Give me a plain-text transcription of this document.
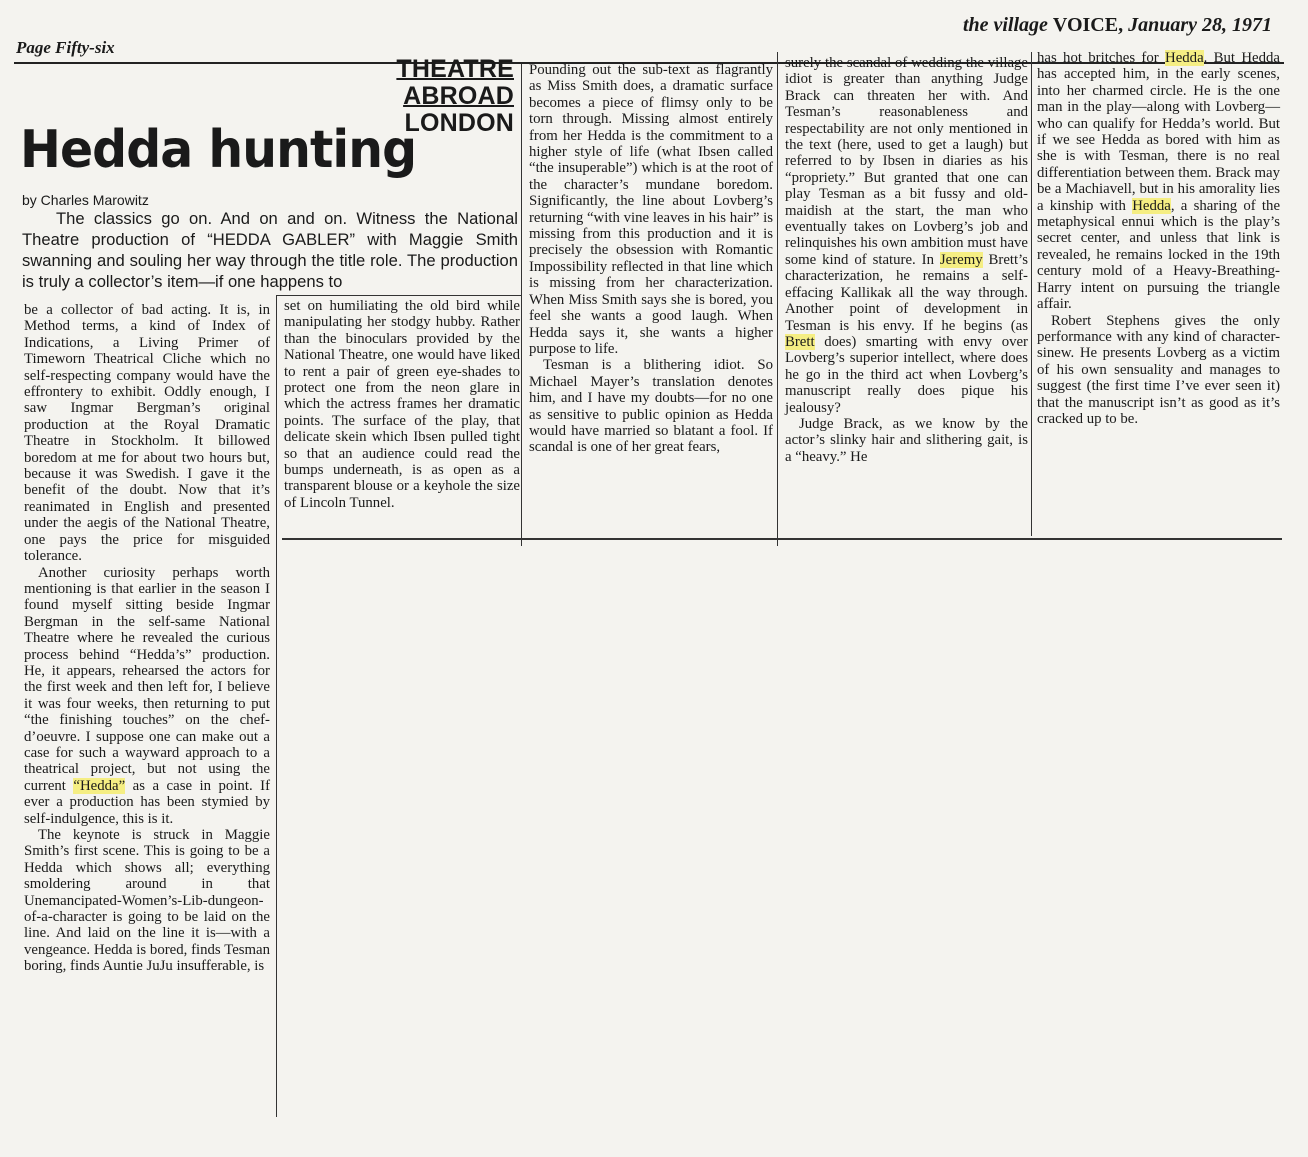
Page Fifty-six
the village VOICE, January 28, 1971
THEATRE ABROAD
LONDON
Hedda hunting
by Charles Marowitz

The classics go on. And on and on. Witness the National Theatre production of “HEDDA GABLER” with Maggie Smith swanning and souling her way through the title role. The production is truly a collector’s item—if one happens to

be a collector of bad acting. It is, in Method terms, a kind of Index of Indications, a Living Primer of Timeworn Theatrical Cliche which no self-respecting company would have the effrontery to exhibit. Oddly enough, I saw Ingmar Bergman’s original production at the Royal Dramatic Theatre in Stockholm. It billowed boredom at me for about two hours but, because it was Swedish. I gave it the benefit of the doubt. Now that it’s reanimated in English and presented under the aegis of the National Theatre, one pays the price for misguided tolerance.

Another curiosity perhaps worth mentioning is that earlier in the season I found myself sitting beside Ingmar Bergman in the self-same National Theatre where he revealed the curious process behind “Hedda’s” production. He, it appears, rehearsed the actors for the first week and then left for, I believe it was four weeks, then returning to put “the finishing touches” on the chef-d’oeuvre. I suppose one can make out a case for such a wayward approach to a theatrical project, but not using the current “Hedda” as a case in point. If ever a production has been stymied by self-indulgence, this is it.

The keynote is struck in Maggie Smith’s first scene. This is going to be a Hedda which shows all; everything smoldering around in that Unemancipated-Women’s-Lib-dungeon-of-a-character is going to be laid on the line. And laid on the line it is—with a vengeance. Hedda is bored, finds Tesman boring, finds Auntie JuJu insufferable, is

set on humiliating the old bird while manipulating her stodgy hubby. Rather than the binoculars provided by the National Theatre, one would have liked to rent a pair of green eye-shades to protect one from the neon glare in which the actress frames her dramatic points. The surface of the play, that delicate skein which Ibsen pulled tight so that an audience could read the bumps underneath, is as open as a transparent blouse or a keyhole the size of Lincoln Tunnel.

Pounding out the sub-text as flagrantly as Miss Smith does, a dramatic surface becomes a piece of flimsy only to be torn through. Missing almost entirely from her Hedda is the commitment to a higher style of life (what Ibsen called “the insuperable”) which is at the root of the character’s mundane boredom. Significantly, the line about Lovberg’s returning “with vine leaves in his hair” is missing from this production and it is precisely the obsession with Romantic Impossibility reflected in that line which is missing from her characterization. When Miss Smith says she is bored, you feel she wants a good laugh. When Hedda says it, she wants a higher purpose to life.

Tesman is a blithering idiot. So Michael Mayer’s translation denotes him, and I have my doubts—for no one as sensitive to public opinion as Hedda would have married so blatant a fool. If scandal is one of her great fears,

surely the scandal of wedding the village idiot is greater than anything Judge Brack can threaten her with. And Tesman’s reasonableness and respectability are not only mentioned in the text (here, used to get a laugh) but referred to by Ibsen in diaries as his “propriety.” But granted that one can play Tesman as a bit fussy and old-maidish at the start, the man who eventually takes on Lovberg’s job and relinquishes his own ambition must have some kind of stature. In Jeremy Brett’s characterization, he remains a self-effacing Kallikak all the way through. Another point of development in Tesman is his envy. If he begins (as Brett does) smarting with envy over Lovberg’s superior intellect, where does he go in the third act when Lovberg’s manuscript really does pique his jealousy?

Judge Brack, as we know by the actor’s slinky hair and slithering gait, is a “heavy.” He

has hot britches for Hedda. But Hedda has accepted him, in the early scenes, into her charmed circle. He is the one man in the play—along with Lovberg—who can qualify for Hedda’s world. But if we see Hedda as bored with him as she is with Tesman, there is no real differentiation between them. Brack may be a Machiavell, but in his amorality lies a kinship with Hedda, a sharing of the metaphysical ennui which is the play’s secret center, and unless that link is revealed, he remains locked in the 19th century mold of a Heavy-Breathing-Harry intent on pursuing the triangle affair.

Robert Stephens gives the only performance with any kind of character-sinew. He presents Lovberg as a victim of his own sensuality and manages to suggest (the first time I’ve ever seen it) that the manuscript isn’t as good as it’s cracked up to be.
